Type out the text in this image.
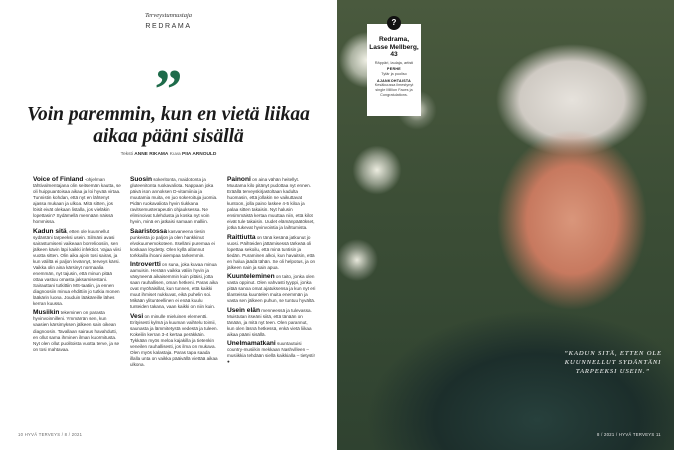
Terveystunnustaja
REDRAMA
”
Voin paremmin, kun en vietä liikaa aikaa pääni sisällä
Teksti ANNE RIKAMA Kuva PIIA ARNOULD

Voice of Finland -ohjelman tähtivalmentajana olin seitsemän kautta, se oli huippuantoisaa aikaa ja loi hyvää virtaa. Tunnistin kohdan, että nyt en lähtenyt ajassa mukaan ja ulkoa. Mitä sitten, jos löisit eivät olekaan listalla, jos vieläkin lopettasin? Sydämellä mennään näissä hommissa.

Kadun sitä, etten ole kuunnellut sydäntäni tarpeeksi usein. Silmäni avasi sairastumiseni vaikeaan borrelioosiin, sen jälkeen kävin läpi kaikki infektiot. Vajaa viisi vuotta sitten. Olin aika ajoin tosi sairas, ja kun väliltä ei paljon levännyt, terveys kärsi. Vaikka olin aina kärsinyt normaalia enemmän, nyt tajusin, että minun pitää ottaa vastuu omasta jaksamisestani. Sairauttani tutkittiin MS-taatiin, ja ennen diagnoosiin minua ehdittiin jo tutkia monen lääkärin luona. Jouduin lääkäreille lähes kerran kuussa.

Musiikin tekeminen on parasta hyvinvoinnilleni. Ymmärrän sen, kun vaasien kärsimyksen jälkeen sain oikean diagnoosin. Tavallaan sairaus havahdutti, en ollut sama ihminen ilman kuormitusta. Nyt olen ollut puolitoista vuotta terve, ja se on tosi mahtavaa.

Suosin sokeritonta, maidotonta ja gluteenitonta ruokavaliota. Nappaan joka päivä ison annoksen D-vitamiinia ja muutamia muita, en juo sokeroituja juomia. Pidän ruokavaliota hyvin tiukkana ravitsemusterapeutin ohjauksessa. Ne eliminoivat tulehdusta ja koska nyt voin hyvin, minä en jatkaisi samaan malliin.

Saaristossa kasvaneena tiesin punkeista jo paljon ja olen hankkinut elvokuumemokoteen. Itselläni puremaa ei koskaan löydetty. Olen kyllä allannut torkkailla ihoani aiempaa tarkemmin.

Introvertti on suna, joka kuvaa minua aamuisin. Herään vaikka väliin hyvin ja väsyneenä aikaisemmin kuin pitäisi, jotta saan rauhallisen, oman hetkeni. Paras aika ovat myöhäisillat, kun tunnen, että kaikki muut ihmiset nukkuvat, eikä puhelin soi. Mikään ylitunteellinen ei enää kuulu tunteiden takana, vaan kaikki on niin kuin.

Vesi on minulle mieluinen elementti. Erityisesti kylmä ja kuuman vaihtelu toimii, saunasta ja lämmitetystä vedestä ja tuleen. Kokeilin kerran 3-4 kertaa peräkkäin. Tykkään myös meloa kajakilla ja tietenkin veneilen rauhallisesti, jos ilma on mukava. Olen myös kalastaja. Paras tapa saada illalla unta on vaikka pääivällä viettää aikaa ulkona.

Painoni on aina vähän heitellyt. Muutama kilo pitänyt pudottaa nyt ennen. Eräällä terveyskirjastoltaan kadulta huomasin, että jollakin ne vaikuttavat kuntoon, jolla paino laskee 4-5 kiloa ja palaa sitten takaisin. Nyt halusin ensimmäistä kertaa muuttaa niin, että kilot eivät tule takaisin. Uudet elämänpäätökset, jotka tukevat hyvinvointia ja laihtumista.

Raittiutta on tänä kesänä jatkunut jo vuosi. Päihteiden jättämisessä tärkeää oli lopettaa sekoilu, että minä tuntisin ja tiedän. Puraminen alkoi, kun havaitsin, että en halua jäädä tähän. Se oli helpotus, ja on jälkeen nain ja sain apua.

Kuunteleminen on taito, jonka olen vasta oppinut. Olen vahvasti tyyppi, jonka pitää sanoa omat ajatuksensa ja kun nyt eri tilanteissa kuuntelen muita enemmän ja vasta sen jälkeen puhun, se tuntuu hyvältä.

Usein elän menneessä ja tulevassa. Muistutan itseäni siitä, että tänään on tänään, ja mitä nyt teen. Olen parannut, kun olen läsnä hetkessä, enkä vietä liikaa aikaa pääni sisällä.

Unelmamatkani suuntautuisi country-musiikin mekkaan Nashvilleen – musiikkia tehdään siellä kaikkialla – tietysti! ●

10 HYVÄ TERVEYS / 8 / 2021
Redrama, Lasse Mellberg, 43
Räppäri, laulaja, artisti
PERHE
Tytär ja puoliso
AJANKOHTAISTA
Kesäkuussa ilmestynyt single Million Faces ja Congratulations.
?
”KADUN SITÄ, ETTEN OLE KUUNNELLUT SYDÄNTÄNI TARPEEKSI USEIN.”
8 / 2021 / HYVÄ TERVEYS 11
